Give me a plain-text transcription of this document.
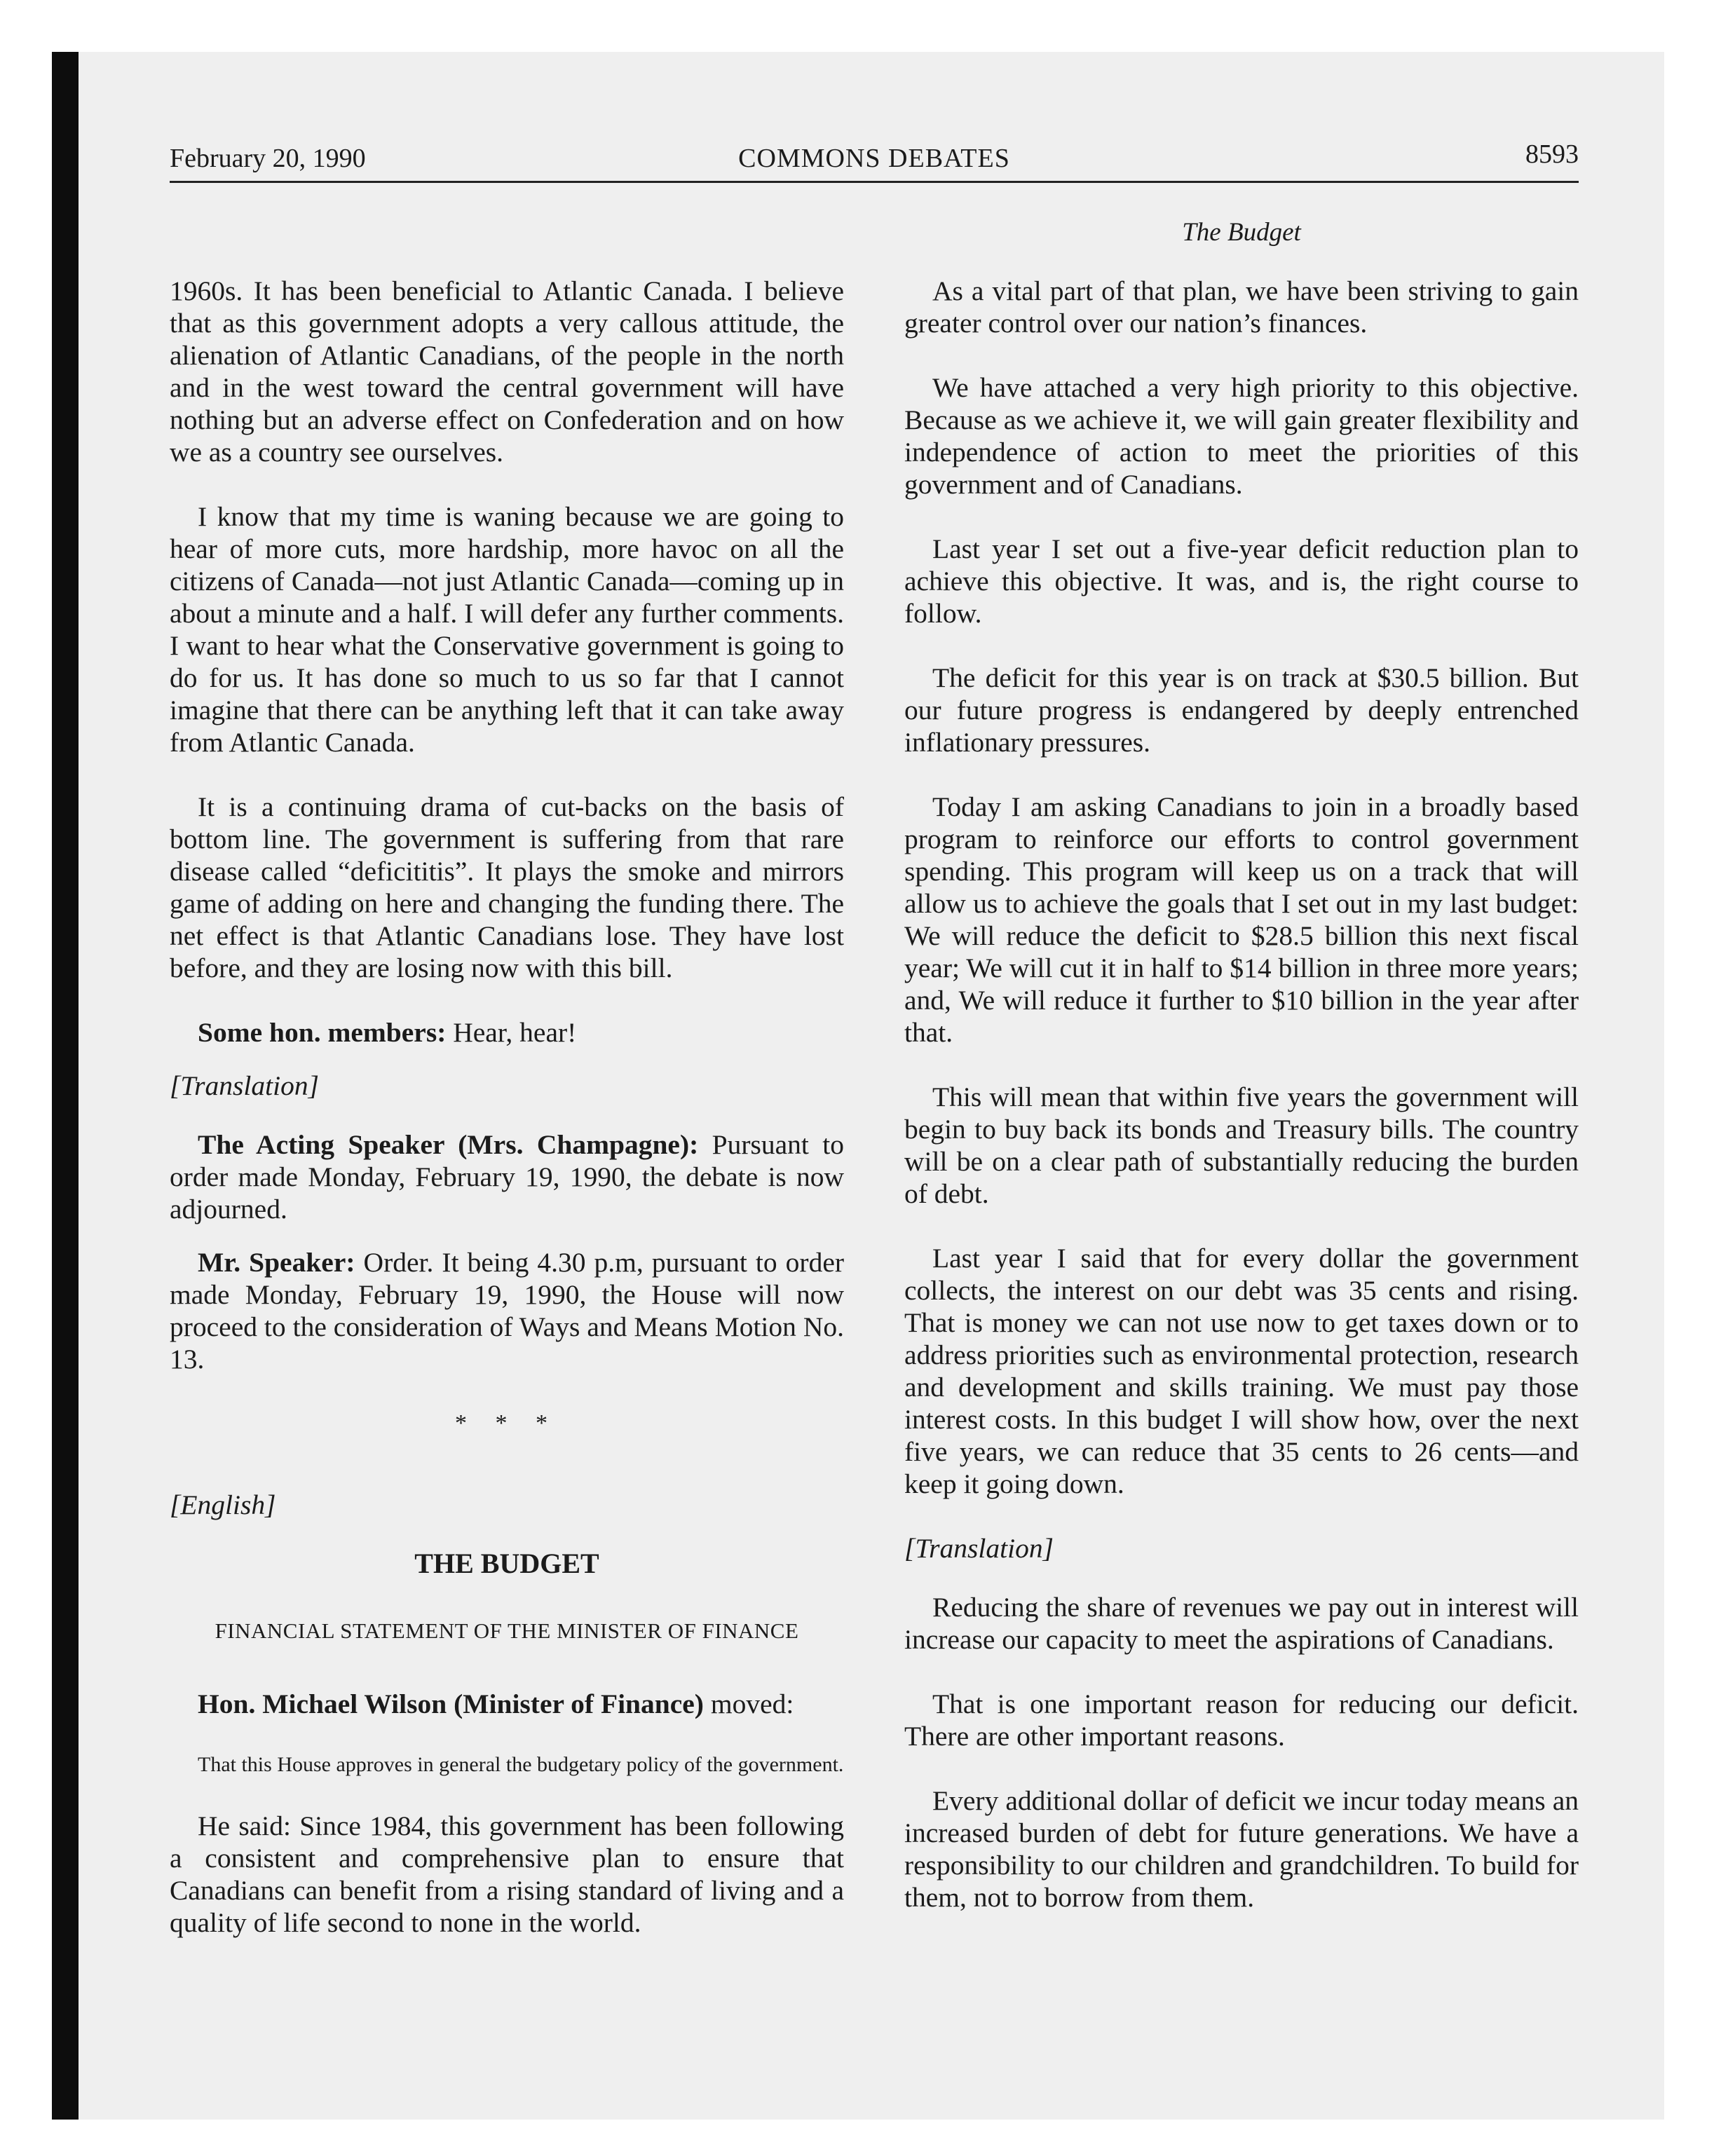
February 20, 1990	COMMONS DEBATES	8593
The Budget

1960s. It has been beneficial to Atlantic Canada. I believe that as this government adopts a very callous attitude, the alienation of Atlantic Canadians, of the people in the north and in the west toward the central government will have nothing but an adverse effect on Confederation and on how we as a country see ourselves.

I know that my time is waning because we are going to hear of more cuts, more hardship, more havoc on all the citizens of Canada—not just Atlantic Canada—coming up in about a minute and a half. I will defer any further comments. I want to hear what the Conservative government is going to do for us. It has done so much to us so far that I cannot imagine that there can be anything left that it can take away from Atlantic Canada.

It is a continuing drama of cut-backs on the basis of bottom line. The government is suffering from that rare disease called “deficititis”. It plays the smoke and mirrors game of adding on here and changing the funding there. The net effect is that Atlantic Canadians lose. They have lost before, and they are losing now with this bill.

Some hon. members: Hear, hear!

[Translation]

The Acting Speaker (Mrs. Champagne): Pursuant to order made Monday, February 19, 1990, the debate is now adjourned.

Mr. Speaker: Order. It being 4.30 p.m, pursuant to order made Monday, February 19, 1990, the House will now proceed to the consideration of Ways and Means Motion No. 13.

* * *

[English]

THE BUDGET
FINANCIAL STATEMENT OF THE MINISTER OF FINANCE

Hon. Michael Wilson (Minister of Finance) moved:

That this House approves in general the budgetary policy of the government.

He said: Since 1984, this government has been following a consistent and comprehensive plan to ensure that Canadians can benefit from a rising standard of living and a quality of life second to none in the world.

As a vital part of that plan, we have been striving to gain greater control over our nation’s finances.

We have attached a very high priority to this objective. Because as we achieve it, we will gain greater flexibility and independence of action to meet the priorities of this government and of Canadians.

Last year I set out a five-year deficit reduction plan to achieve this objective. It was, and is, the right course to follow.

The deficit for this year is on track at $30.5 billion. But our future progress is endangered by deeply entrenched inflationary pressures.

Today I am asking Canadians to join in a broadly based program to reinforce our efforts to control government spending. This program will keep us on a track that will allow us to achieve the goals that I set out in my last budget: We will reduce the deficit to $28.5 billion this next fiscal year; We will cut it in half to $14 billion in three more years; and, We will reduce it further to $10 billion in the year after that.

This will mean that within five years the government will begin to buy back its bonds and Treasury bills. The country will be on a clear path of substantially reducing the burden of debt.

Last year I said that for every dollar the government collects, the interest on our debt was 35 cents and rising. That is money we can not use now to get taxes down or to address priorities such as environmental protection, research and development and skills training. We must pay those interest costs. In this budget I will show how, over the next five years, we can reduce that 35 cents to 26 cents—and keep it going down.

[Translation]

Reducing the share of revenues we pay out in interest will increase our capacity to meet the aspirations of Canadians.

That is one important reason for reducing our deficit. There are other important reasons.

Every additional dollar of deficit we incur today means an increased burden of debt for future generations. We have a responsibility to our children and grandchildren. To build for them, not to borrow from them.
